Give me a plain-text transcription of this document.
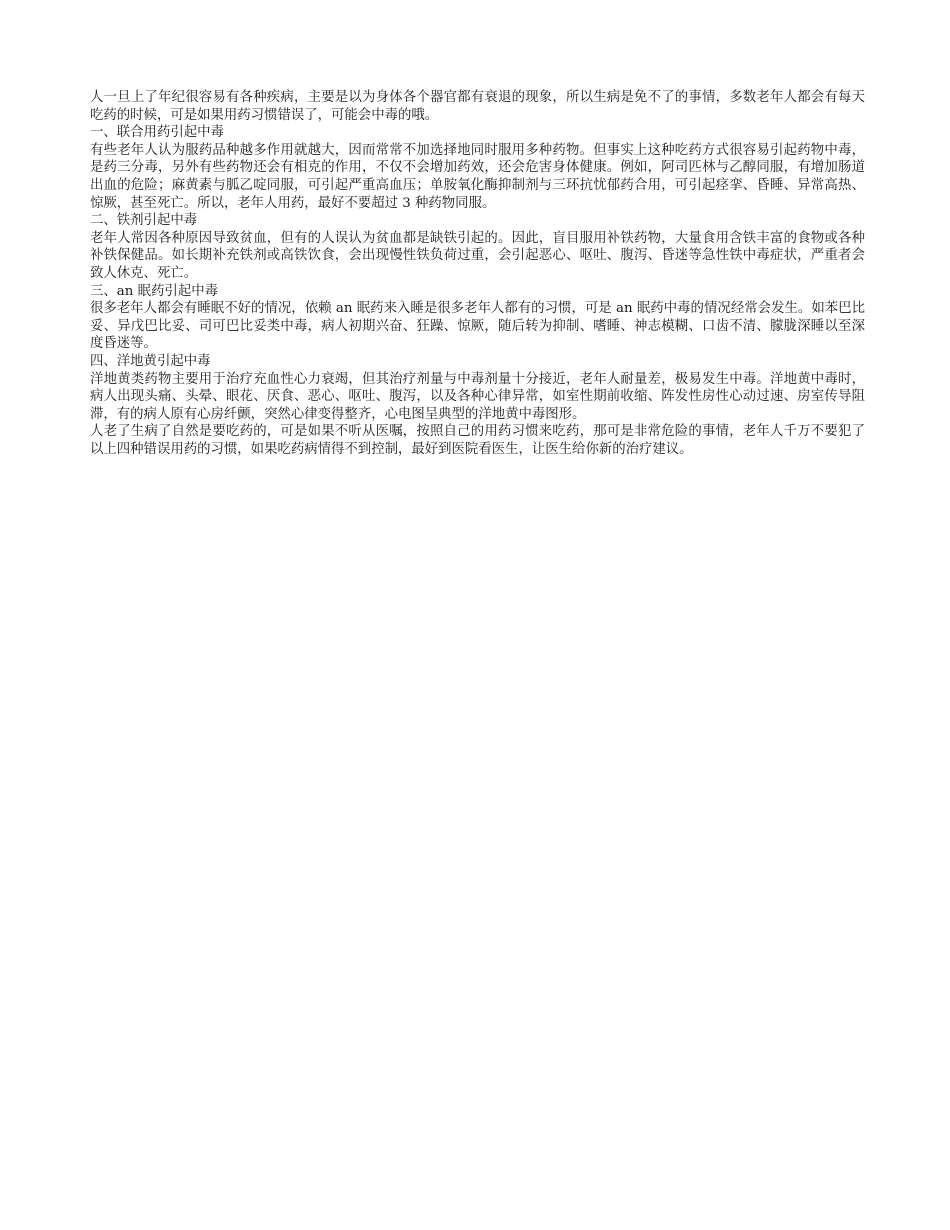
人一旦上了年纪很容易有各种疾病，主要是以为身体各个器官都有衰退的现象，所以生病是免不了的事情，多数老年人都会有每天吃药的时候，可是如果用药习惯错误了，可能会中毒的哦。

一、联合用药引起中毒

有些老年人认为服药品种越多作用就越大，因而常常不加选择地同时服用多种药物。但事实上这种吃药方式很容易引起药物中毒，是药三分毒，另外有些药物还会有相克的作用，不仅不会增加药效，还会危害身体健康。例如，阿司匹林与乙醇同服，有增加肠道出血的危险；麻黄素与胍乙啶同服，可引起严重高血压；单胺氧化酶抑制剂与三环抗忧郁药合用，可引起痉挛、昏睡、异常高热、惊厥，甚至死亡。所以，老年人用药，最好不要超过 3 种药物同服。

二、铁剂引起中毒

老年人常因各种原因导致贫血，但有的人误认为贫血都是缺铁引起的。因此，盲目服用补铁药物，大量食用含铁丰富的食物或各种补铁保健品。如长期补充铁剂或高铁饮食，会出现慢性铁负荷过重，会引起恶心、呕吐、腹泻、昏迷等急性铁中毒症状，严重者会致人休克、死亡。

三、an 眠药引起中毒

很多老年人都会有睡眠不好的情况，依赖 an 眠药来入睡是很多老年人都有的习惯，可是 an 眠药中毒的情况经常会发生。如苯巴比妥、异戊巴比妥、司可巴比妥类中毒，病人初期兴奋、狂躁、惊厥，随后转为抑制、嗜睡、神志模糊、口齿不清、朦胧深睡以至深度昏迷等。

四、洋地黄引起中毒

洋地黄类药物主要用于治疗充血性心力衰竭，但其治疗剂量与中毒剂量十分接近，老年人耐量差，极易发生中毒。洋地黄中毒时，病人出现头痛、头晕、眼花、厌食、恶心、呕吐、腹泻，以及各种心律异常，如室性期前收缩、阵发性房性心动过速、房室传导阻滞，有的病人原有心房纤颤，突然心律变得整齐，心电图呈典型的洋地黄中毒图形。

人老了生病了自然是要吃药的，可是如果不听从医嘱，按照自己的用药习惯来吃药，那可是非常危险的事情，老年人千万不要犯了以上四种错误用药的习惯，如果吃药病情得不到控制，最好到医院看医生，让医生给你新的治疗建议。
